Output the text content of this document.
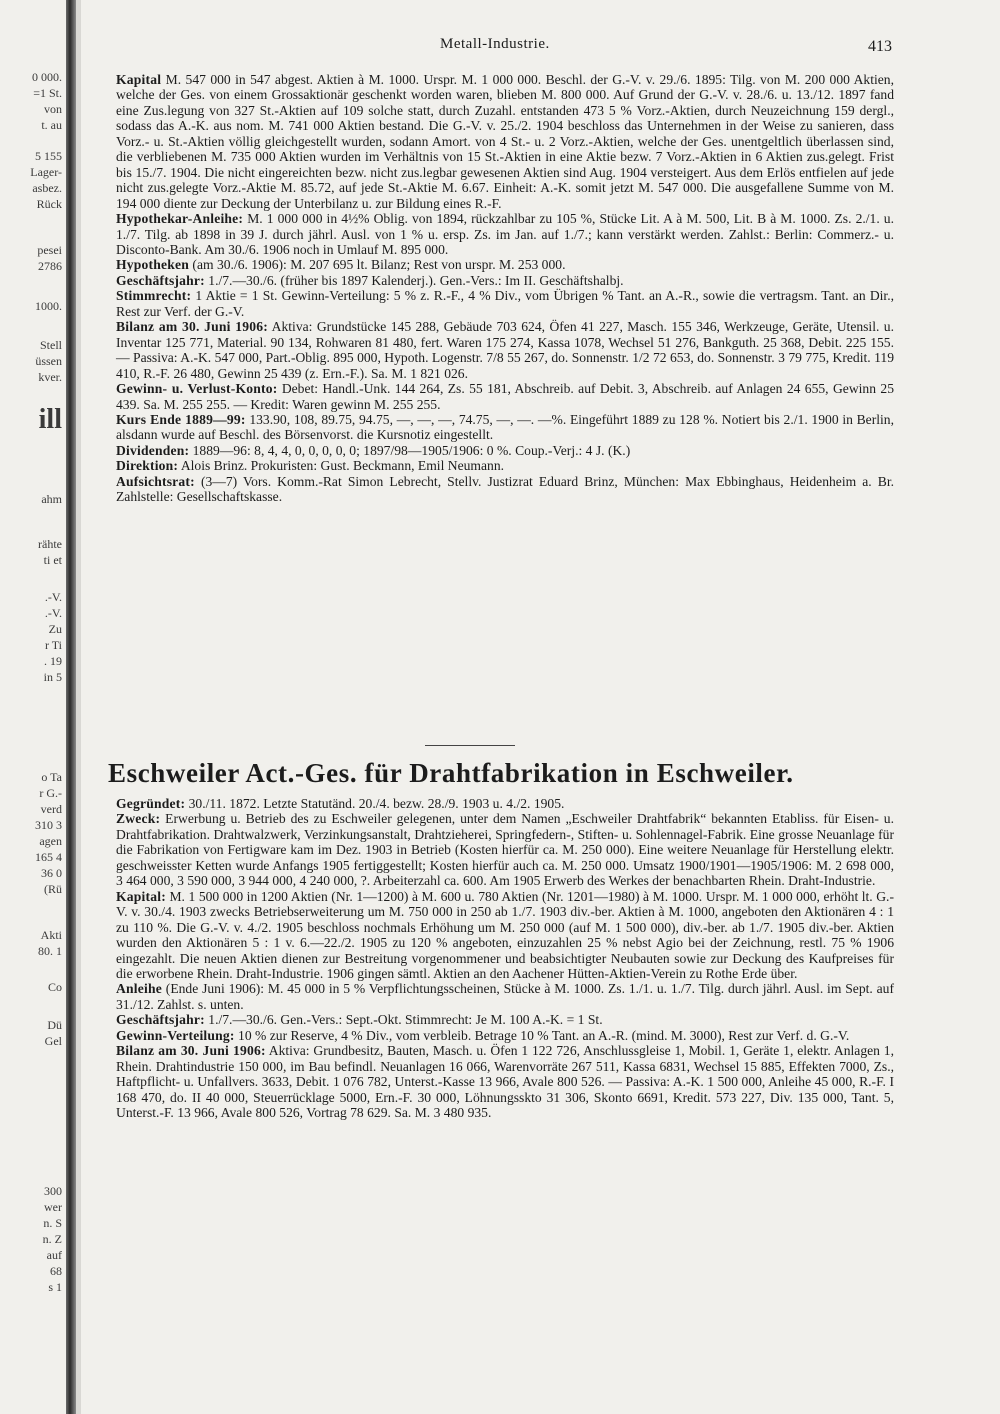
0 000.
=1 St.
von
t. au
5 155
Lager-
asbez.
Rück
pesei
2786
1000.
Stell
üssen
kver.
ill
ahm
rähte
ti et
.-V.
.-V.
Zu
r Ti
. 19
in 5
o Ta
r G.-
verd
310 3
agen
165 4
36 0
(Rü
Akti
80. 1
Co
Dü
Gel
300
wer
n. S
n. Z
auf
68
s 1
Metall-Industrie.	413

Kapital M. 547 000 in 547 abgest. Aktien à M. 1000. Urspr. M. 1 000 000. Beschl. der G.-V. v. 29./6. 1895: Tilg. von M. 200 000 Aktien, welche der Ges. von einem Grossaktionär geschenkt worden waren, blieben M. 800 000. Auf Grund der G.-V. v. 28./6. u. 13./12. 1897 fand eine Zus.legung von 327 St.-Aktien auf 109 solche statt, durch Zuzahl. entstanden 473 5 % Vorz.-Aktien, durch Neuzeichnung 159 dergl., sodass das A.-K. aus nom. M. 741 000 Aktien bestand. Die G.-V. v. 25./2. 1904 beschloss das Unternehmen in der Weise zu sanieren, dass Vorz.- u. St.-Aktien völlig gleichgestellt wurden, sodann Amort. von 4 St.- u. 2 Vorz.-Aktien, welche der Ges. unentgeltlich überlassen sind, die verbliebenen M. 735 000 Aktien wurden im Verhältnis von 15 St.-Aktien in eine Aktie bezw. 7 Vorz.-Aktien in 6 Aktien zus.gelegt. Frist bis 15./7. 1904. Die nicht eingereichten bezw. nicht zus.legbar gewesenen Aktien sind Aug. 1904 versteigert. Aus dem Erlös entfielen auf jede nicht zus.gelegte Vorz.-Aktie M. 85.72, auf jede St.-Aktie M. 6.67. Einheit: A.-K. somit jetzt M. 547 000. Die ausgefallene Summe von M. 194 000 diente zur Deckung der Unterbilanz u. zur Bildung eines R.-F.

Hypothekar-Anleihe: M. 1 000 000 in 4½% Oblig. von 1894, rückzahlbar zu 105 %, Stücke Lit. A à M. 500, Lit. B à M. 1000. Zs. 2./1. u. 1./7. Tilg. ab 1898 in 39 J. durch jährl. Ausl. von 1 % u. ersp. Zs. im Jan. auf 1./7.; kann verstärkt werden. Zahlst.: Berlin: Commerz.- u. Disconto-Bank. Am 30./6. 1906 noch in Umlauf M. 895 000.

Hypotheken (am 30./6. 1906): M. 207 695 lt. Bilanz; Rest von urspr. M. 253 000.

Geschäftsjahr: 1./7.—30./6. (früher bis 1897 Kalenderj.). Gen.-Vers.: Im II. Geschäftshalbj.

Stimmrecht: 1 Aktie = 1 St. Gewinn-Verteilung: 5 % z. R.-F., 4 % Div., vom Übrigen % Tant. an A.-R., sowie die vertragsm. Tant. an Dir., Rest zur Verf. der G.-V.

Bilanz am 30. Juni 1906: Aktiva: Grundstücke 145 288, Gebäude 703 624, Öfen 41 227, Masch. 155 346, Werkzeuge, Geräte, Utensil. u. Inventar 125 771, Material. 90 134, Rohwaren 81 480, fert. Waren 175 274, Kassa 1078, Wechsel 51 276, Bankguth. 25 368, Debit. 225 155. — Passiva: A.-K. 547 000, Part.-Oblig. 895 000, Hypoth. Logenstr. 7/8 55 267, do. Sonnenstr. 1/2 72 653, do. Sonnenstr. 3 79 775, Kredit. 119 410, R.-F. 26 480, Gewinn 25 439 (z. Ern.-F.). Sa. M. 1 821 026.

Gewinn- u. Verlust-Konto: Debet: Handl.-Unk. 144 264, Zs. 55 181, Abschreib. auf Debit. 3, Abschreib. auf Anlagen 24 655, Gewinn 25 439. Sa. M. 255 255. — Kredit: Waren gewinn M. 255 255.

Kurs Ende 1889—99: 133.90, 108, 89.75, 94.75, —, —, —, 74.75, —, —. —%. Eingeführt 1889 zu 128 %. Notiert bis 2./1. 1900 in Berlin, alsdann wurde auf Beschl. des Börsenvorst. die Kursnotiz eingestellt.

Dividenden: 1889—96: 8, 4, 4, 0, 0, 0, 0, 0; 1897/98—1905/1906: 0 %. Coup.-Verj.: 4 J. (K.)

Direktion: Alois Brinz. Prokuristen: Gust. Beckmann, Emil Neumann.

Aufsichtsrat: (3—7) Vors. Komm.-Rat Simon Lebrecht, Stellv. Justizrat Eduard Brinz, München: Max Ebbinghaus, Heidenheim a. Br. Zahlstelle: Gesellschaftskasse.

Eschweiler Act.-Ges. für Drahtfabrikation in Eschweiler.

Gegründet: 30./11. 1872. Letzte Statutänd. 20./4. bezw. 28./9. 1903 u. 4./2. 1905.

Zweck: Erwerbung u. Betrieb des zu Eschweiler gelegenen, unter dem Namen „Eschweiler Drahtfabrik“ bekannten Etabliss. für Eisen- u. Drahtfabrikation. Drahtwalzwerk, Verzinkungsanstalt, Drahtzieherei, Springfedern-, Stiften- u. Sohlennagel-Fabrik. Eine grosse Neuanlage für die Fabrikation von Fertigware kam im Dez. 1903 in Betrieb (Kosten hierfür ca. M. 250 000). Eine weitere Neuanlage für Herstellung elektr. geschweisster Ketten wurde Anfangs 1905 fertiggestellt; Kosten hierfür auch ca. M. 250 000. Umsatz 1900/1901—1905/1906: M. 2 698 000, 3 464 000, 3 590 000, 3 944 000, 4 240 000, ?. Arbeiterzahl ca. 600. Am 1905 Erwerb des Werkes der benachbarten Rhein. Draht-Industrie.

Kapital: M. 1 500 000 in 1200 Aktien (Nr. 1—1200) à M. 600 u. 780 Aktien (Nr. 1201—1980) à M. 1000. Urspr. M. 1 000 000, erhöht lt. G.-V. v. 30./4. 1903 zwecks Betriebserweiterung um M. 750 000 in 250 ab 1./7. 1903 div.-ber. Aktien à M. 1000, angeboten den Aktionären 4 : 1 zu 110 %. Die G.-V. v. 4./2. 1905 beschloss nochmals Erhöhung um M. 250 000 (auf M. 1 500 000), div.-ber. ab 1./7. 1905 div.-ber. Aktien wurden den Aktionären 5 : 1 v. 6.—22./2. 1905 zu 120 % angeboten, einzuzahlen 25 % nebst Agio bei der Zeichnung, restl. 75 % 1906 eingezahlt. Die neuen Aktien dienen zur Bestreitung vorgenommener und beabsichtigter Neubauten sowie zur Deckung des Kaufpreises für die erworbene Rhein. Draht-Industrie. 1906 gingen sämtl. Aktien an den Aachener Hütten-Aktien-Verein zu Rothe Erde über.

Anleihe (Ende Juni 1906): M. 45 000 in 5 % Verpflichtungsscheinen, Stücke à M. 1000. Zs. 1./1. u. 1./7. Tilg. durch jährl. Ausl. im Sept. auf 31./12. Zahlst. s. unten.

Geschäftsjahr: 1./7.—30./6. Gen.-Vers.: Sept.-Okt. Stimmrecht: Je M. 100 A.-K. = 1 St.

Gewinn-Verteilung: 10 % zur Reserve, 4 % Div., vom verbleib. Betrage 10 % Tant. an A.-R. (mind. M. 3000), Rest zur Verf. d. G.-V.

Bilanz am 30. Juni 1906: Aktiva: Grundbesitz, Bauten, Masch. u. Öfen 1 122 726, Anschlussgleise 1, Mobil. 1, Geräte 1, elektr. Anlagen 1, Rhein. Drahtindustrie 150 000, im Bau befindl. Neuanlagen 16 066, Warenvorräte 267 511, Kassa 6831, Wechsel 15 885, Effekten 7000, Zs., Haftpflicht- u. Unfallvers. 3633, Debit. 1 076 782, Unterst.-Kasse 13 966, Avale 800 526. — Passiva: A.-K. 1 500 000, Anleihe 45 000, R.-F. I 168 470, do. II 40 000, Steuerrücklage 5000, Ern.-F. 30 000, Löhnungsskto 31 306, Skonto 6691, Kredit. 573 227, Div. 135 000, Tant. 5, Unterst.-F. 13 966, Avale 800 526, Vortrag 78 629. Sa. M. 3 480 935.
